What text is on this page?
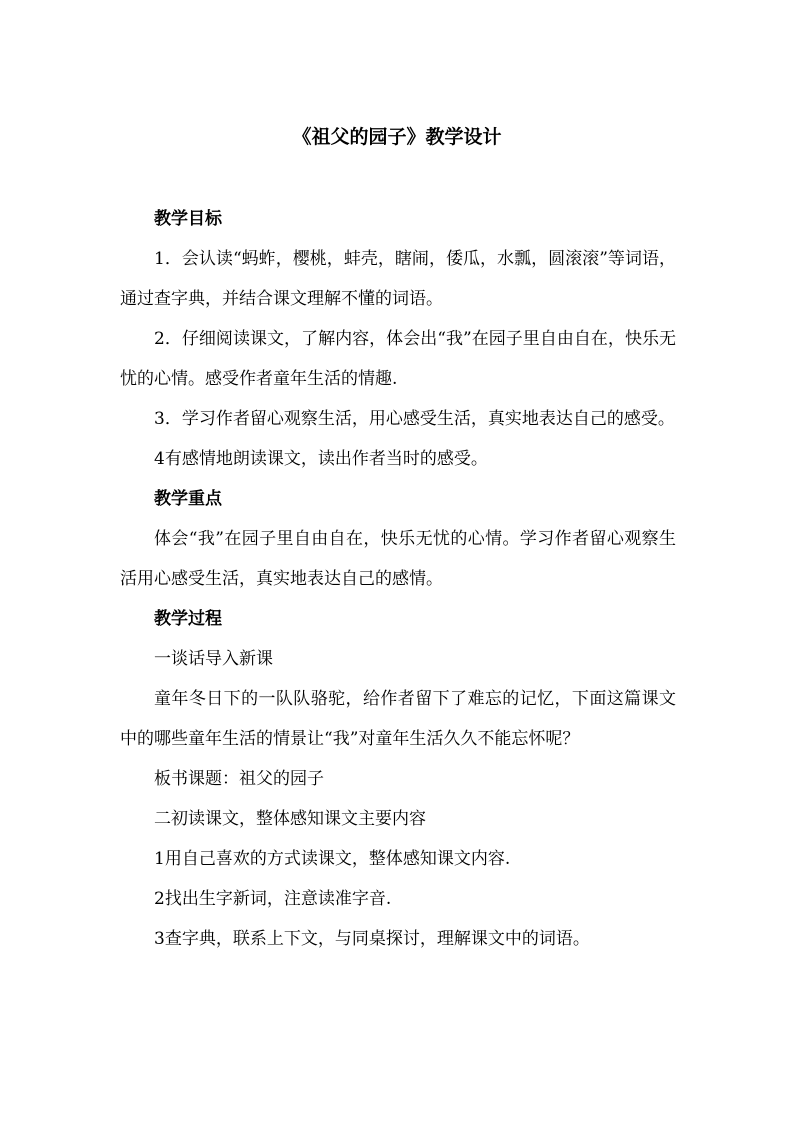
《祖父的园子》教学设计

教学目标

1．会认读“蚂蚱，樱桃，蚌壳，瞎闹，倭瓜，水瓢，圆滚滚”等词语，通过查字典，并结合课文理解不懂的词语。

2．仔细阅读课文，了解内容，体会出“我”在园子里自由自在，快乐无忧的心情。感受作者童年生活的情趣.

3．学习作者留心观察生活，用心感受生活，真实地表达自己的感受。

4有感情地朗读课文，读出作者当时的感受。

教学重点

体会“我”在园子里自由自在，快乐无忧的心情。学习作者留心观察生活用心感受生活，真实地表达自己的感情。

教学过程

一谈话导入新课

童年冬日下的一队队骆驼，给作者留下了难忘的记忆，下面这篇课文中的哪些童年生活的情景让“我”对童年生活久久不能忘怀呢？

板书课题：祖父的园子

二初读课文，整体感知课文主要内容

1用自己喜欢的方式读课文，整体感知课文内容.

2找出生字新词，注意读准字音.

3查字典，联系上下文，与同桌探讨，理解课文中的词语。
